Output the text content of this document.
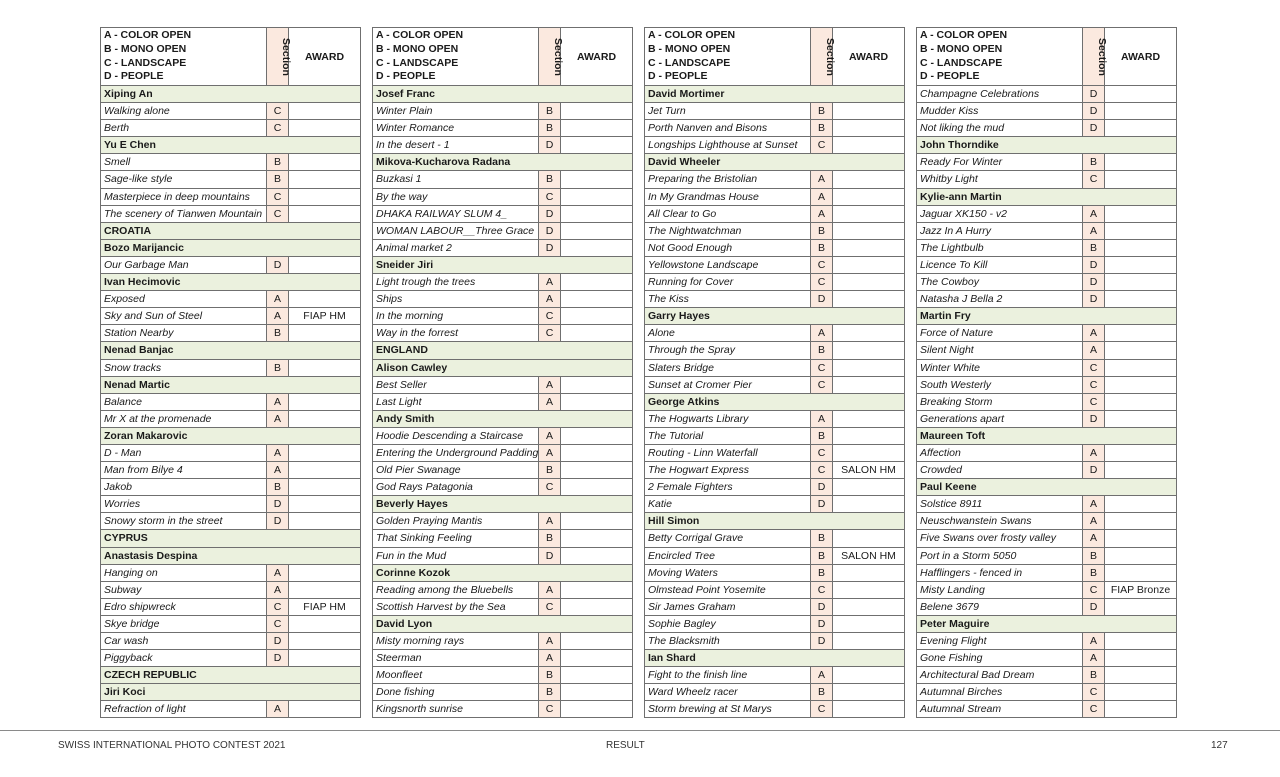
A - COLOR OPEN
B - MONO OPEN
C - LANDSCAPE
D - PEOPLE	Section	AWARD
Xiping An		
Walking alone	C	
Berth	C	
Yu E Chen		
Smell	B	
Sage-like style	B	
Masterpiece in deep mountains	C	
The scenery of Tianwen Mountain	C	
CROATIA		
Bozo Marijancic		
Our Garbage Man	D	
Ivan Hecimovic		
Exposed	A	
Sky and Sun of Steel	A	FIAP HM
Station Nearby	B	
Nenad Banjac		
Snow tracks	B	
Nenad Martic		
Balance	A	
Mr X at the promenade	A	
Zoran Makarovic		
D - Man	A	
Man from Bilye 4	A	
Jakob	B	
Worries	D	
Snowy storm in the street	D	
CYPRUS		
Anastasis Despina		
Hanging on	A	
Subway	A	
Edro shipwreck	C	FIAP HM
Skye bridge	C	
Car wash	D	
Piggyback	D	
CZECH REPUBLIC		
Jiri Koci		
Refraction of light	A	
A - COLOR OPEN
B - MONO OPEN
C - LANDSCAPE
D - PEOPLE	Section	AWARD
Josef Franc		
Winter Plain	B	
Winter Romance	B	
In the desert - 1	D	
Mikova-Kucharova Radana		
Buzkasi 1	B	
By the way	C	
DHAKA RAILWAY SLUM 4_	D	
WOMAN LABOUR__Three Grace	D	
Animal market 2	D	
Sneider Jiri		
Light trough the trees	A	
Ships	A	
In the morning	C	
Way in the forrest	C	
ENGLAND		
Alison Cawley		
Best Seller	A	
Last Light	A	
Andy Smith		
Hoodie Descending a Staircase	A	
Entering the Underground Padding	A	
Old Pier Swanage	B	
God Rays Patagonia	C	
Beverly Hayes		
Golden Praying Mantis	A	
That Sinking Feeling	B	
Fun in the Mud	D	
Corinne Kozok		
Reading among the Bluebells	A	
Scottish Harvest by the Sea	C	
David Lyon		
Misty morning rays	A	
Steerman	A	
Moonfleet	B	
Done fishing	B	
Kingsnorth sunrise	C	
A - COLOR OPEN
B - MONO OPEN
C - LANDSCAPE
D - PEOPLE	Section	AWARD
David Mortimer		
Jet Turn	B	
Porth Nanven and Bisons	B	
Longships Lighthouse at Sunset	C	
David Wheeler		
Preparing the Bristolian	A	
In My Grandmas House	A	
All Clear to Go	A	
The Nightwatchman	B	
Not Good Enough	B	
Yellowstone Landscape	C	
Running for Cover	C	
The Kiss	D	
Garry Hayes		
Alone	A	
Through the Spray	B	
Slaters Bridge	C	
Sunset at Cromer Pier	C	
George Atkins		
The Hogwarts Library	A	
The Tutorial	B	
Routing - Linn Waterfall	C	
The Hogwart Express	C	SALON HM
2 Female Fighters	D	
Katie	D	
Hill Simon		
Betty Corrigal Grave	B	
Encircled Tree	B	SALON HM
Moving Waters	B	
Olmstead Point Yosemite	C	
Sir James Graham	D	
Sophie Bagley	D	
The Blacksmith	D	
Ian Shard		
Fight to the finish line	A	
Ward Wheelz racer	B	
Storm brewing at St Marys	C	
A - COLOR OPEN
B - MONO OPEN
C - LANDSCAPE
D - PEOPLE	Section	AWARD
Champagne Celebrations	D	
Mudder Kiss	D	
Not liking the mud	D	
John Thorndike		
Ready For Winter	B	
Whitby Light	C	
Kylie-ann Martin		
Jaguar XK150 - v2	A	
Jazz In A Hurry	A	
The Lightbulb	B	
Licence To Kill	D	
The Cowboy	D	
Natasha J Bella 2	D	
Martin Fry		
Force of Nature	A	
Silent Night	A	
Winter White	C	
South Westerly	C	
Breaking Storm	C	
Generations apart	D	
Maureen Toft		
Affection	A	
Crowded	D	
Paul Keene		
Solstice 8911	A	
Neuschwanstein Swans	A	
Five Swans over frosty valley	A	
Port in a Storm 5050	B	
Hafflingers - fenced in	B	
Misty Landing	C	FIAP Bronze
Belene 3679	D	
Peter Maguire		
Evening Flight	A	
Gone Fishing	A	
Architectural Bad Dream	B	
Autumnal Birches	C	
Autumnal Stream	C	
SWISS INTERNATIONAL PHOTO CONTEST 2021	RESULT	127
